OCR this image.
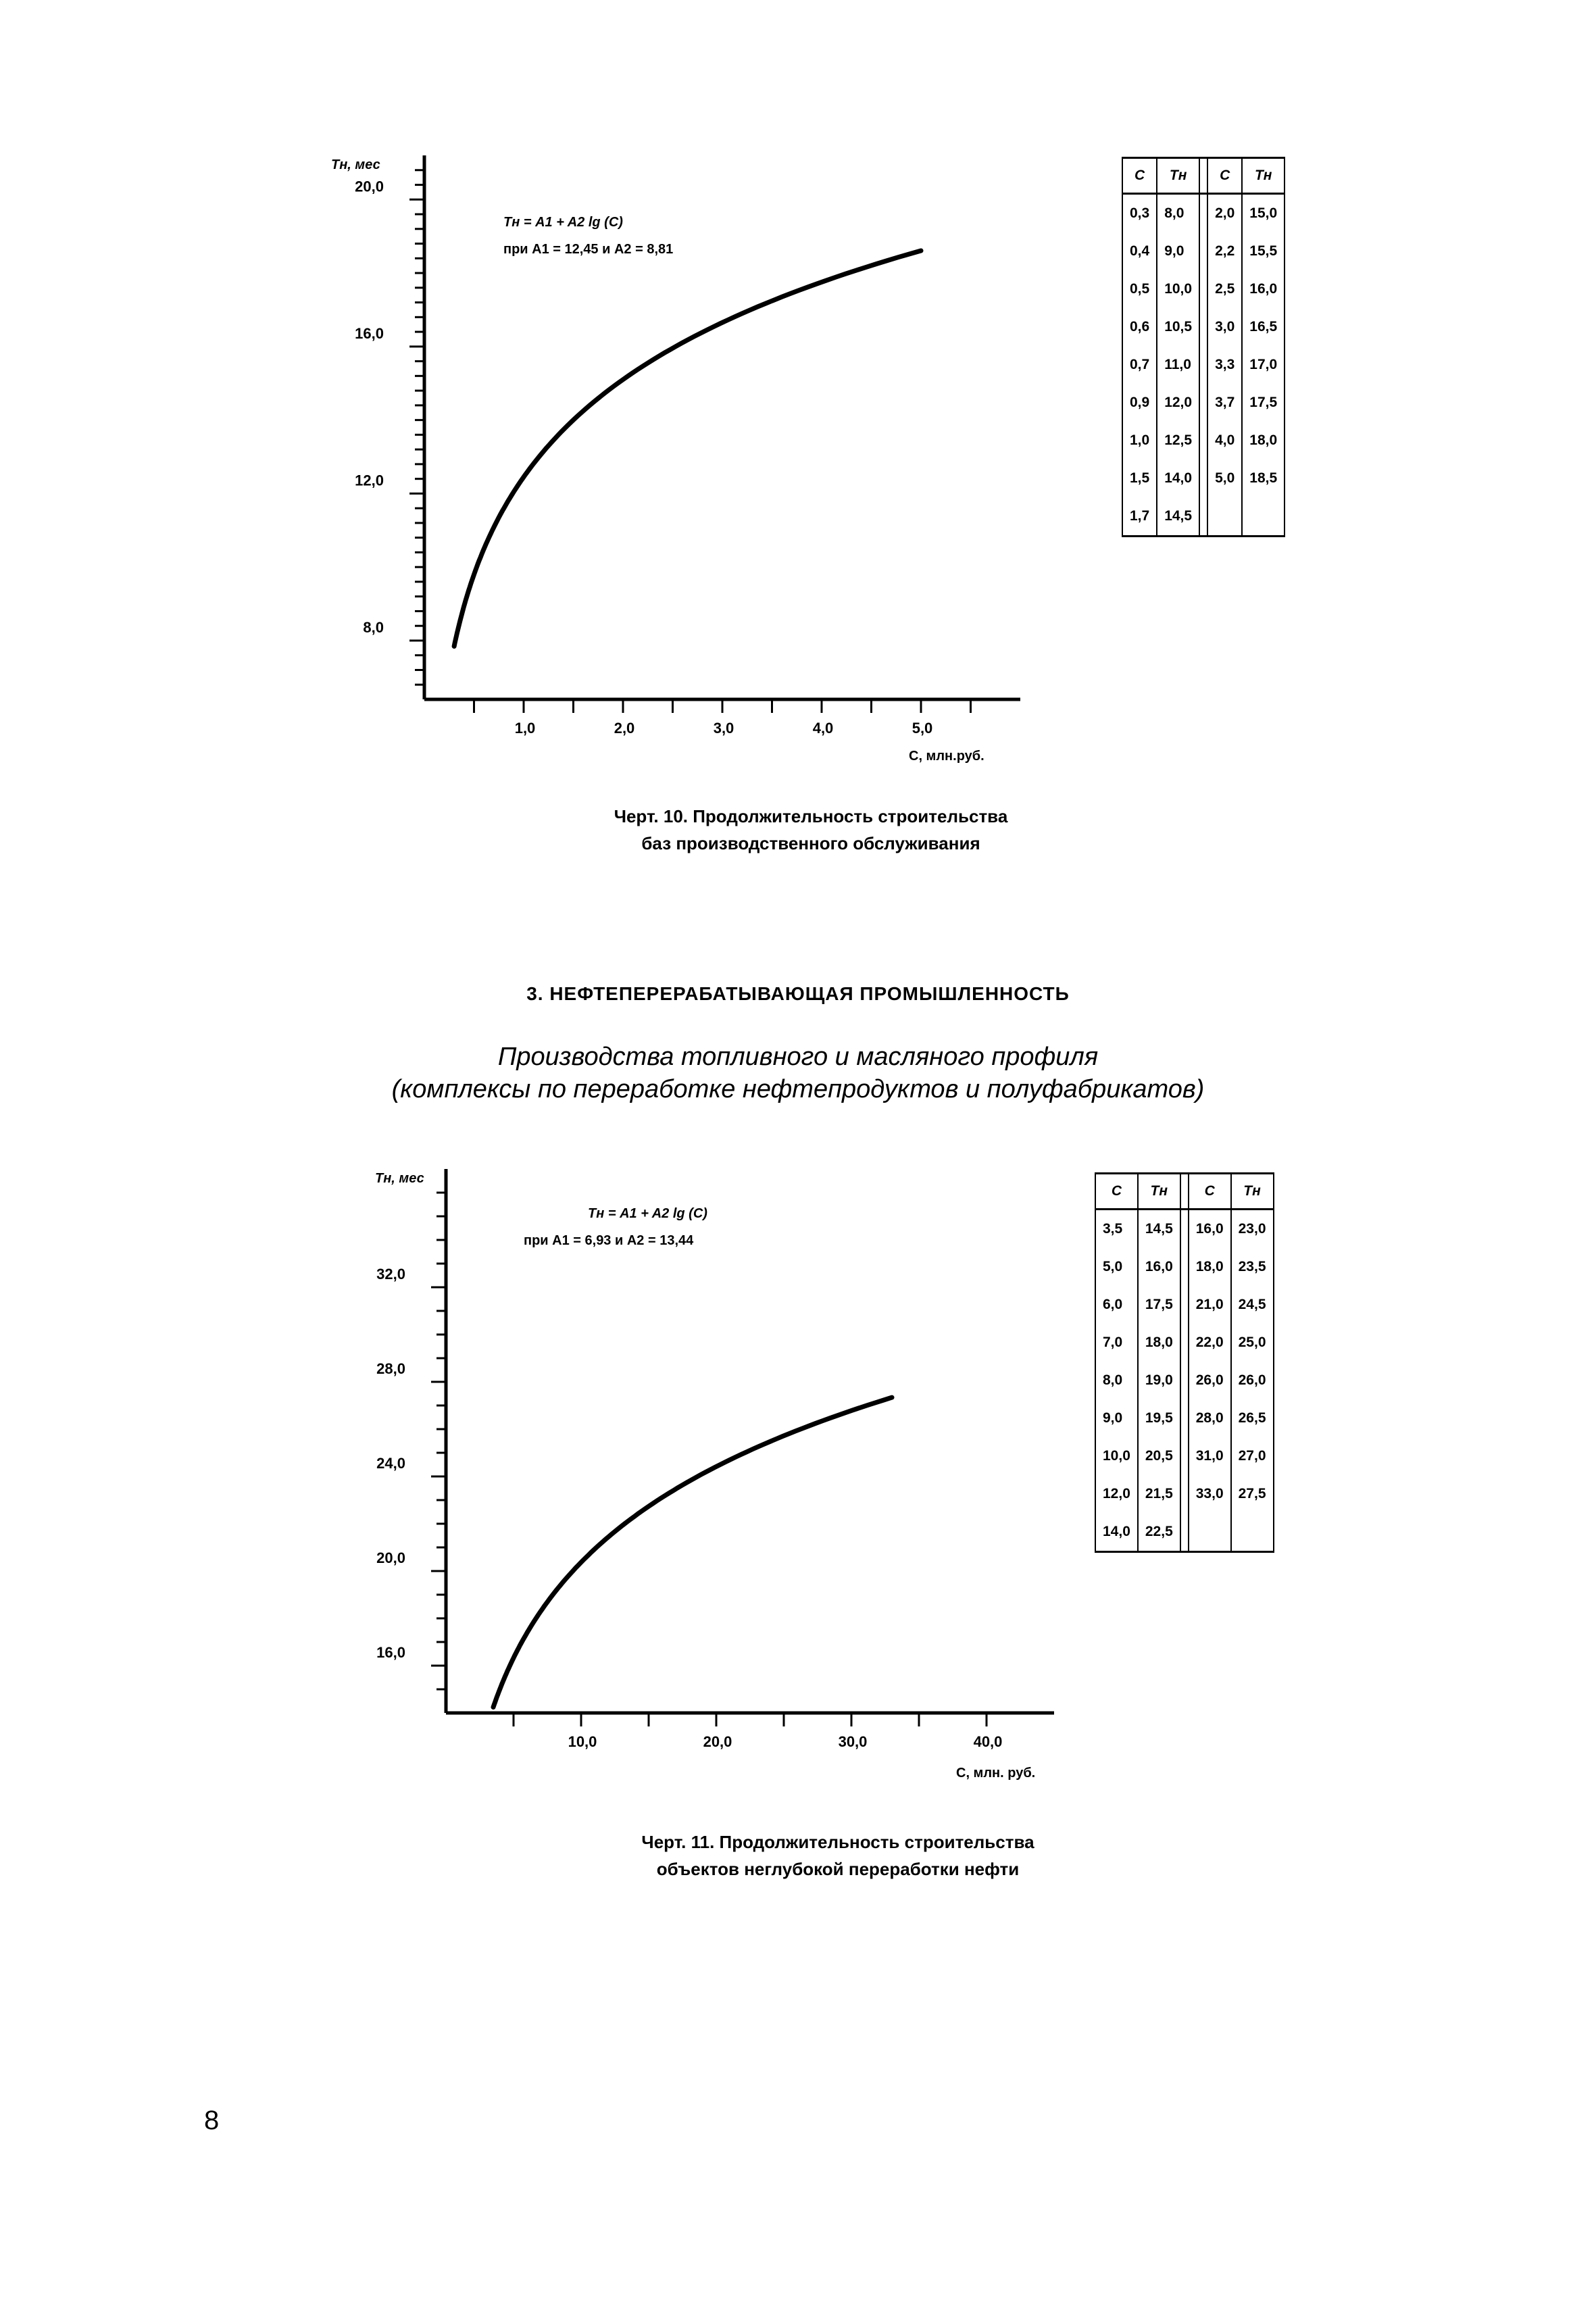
8,0
12,0
16,0
20,0
1,0	2,0	3,0	4,0	5,0
Tн, мес
С, млн.руб.
Tн = A1 + A2 lg (C)
при A1 = 12,45 и A2 = 8,81
C	Tн		C	Tн
0,3	8,0		2,0	15,0
0,4	9,0		2,2	15,5
0,5	10,0		2,5	16,0
0,6	10,5		3,0	16,5
0,7	11,0		3,3	17,0
0,9	12,0		3,7	17,5
1,0	12,5		4,0	18,0
1,5	14,0		5,0	18,5
1,7	14,5			
Черт. 10. Продолжительность строительства
баз производственного обслуживания
3. НЕФТЕПЕРЕРАБАТЫВАЮЩАЯ ПРОМЫШЛЕННОСТЬ
Производства топливного и масляного профиля
(комплексы по переработке нефтепродуктов и полуфабрикатов)
16,0
20,0
24,0
28,0
32,0
10,0	20,0	30,0	40,0
Tн, мес
С, млн. руб.
Tн = A1 + A2 lg (C)
при A1 = 6,93 и A2 = 13,44
C	Tн		C	Tн
3,5	14,5		16,0	23,0
5,0	16,0		18,0	23,5
6,0	17,5		21,0	24,5
7,0	18,0		22,0	25,0
8,0	19,0		26,0	26,0
9,0	19,5		28,0	26,5
10,0	20,5		31,0	27,0
12,0	21,5		33,0	27,5
14,0	22,5			
Черт. 11. Продолжительность строительства
объектов неглубокой переработки нефти
8
